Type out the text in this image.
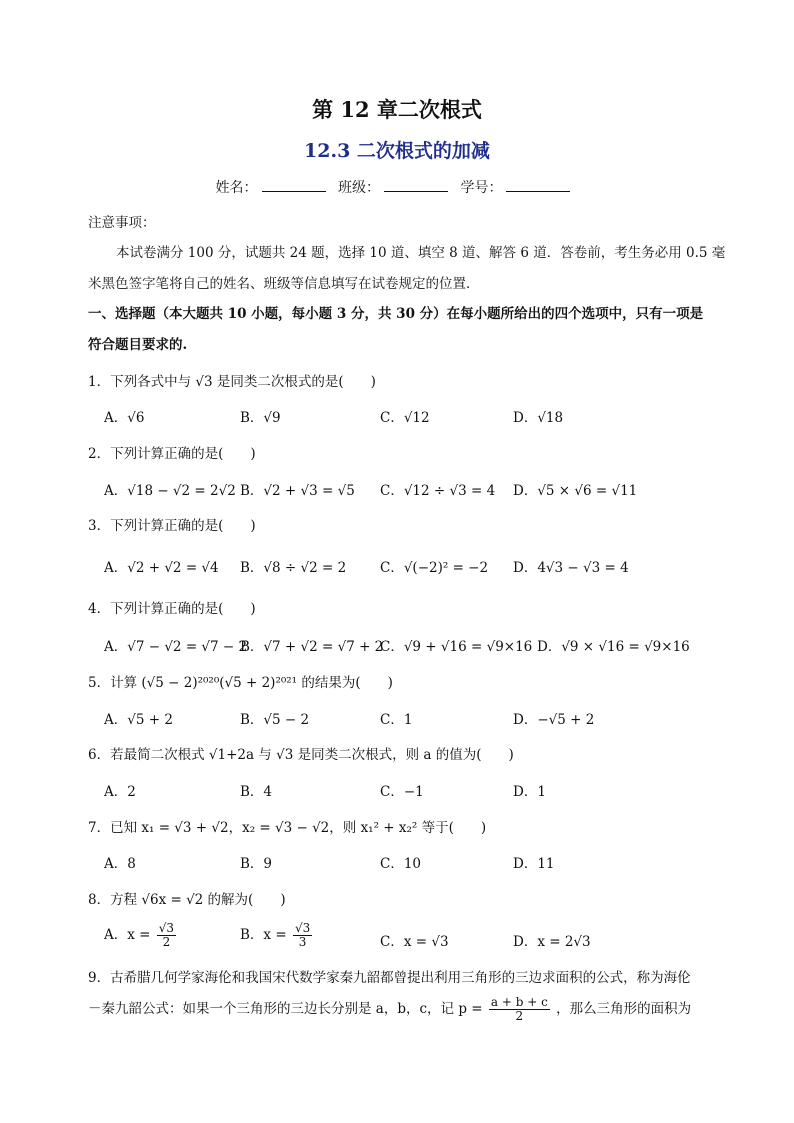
第 12 章二次根式
12.3 二次根式的加减
姓名：	班级：	学号：
注意事项：
本试卷满分 100 分，试题共 24 题，选择 10 道、填空 8 道、解答 6 道．答卷前，考生务必用 0.5 毫
米黑色签字笔将自己的姓名、班级等信息填写在试卷规定的位置．
一、选择题（本大题共 10 小题，每小题 3 分，共 30 分）在每小题所给出的四个选项中，只有一项是
符合题目要求的.
1．下列各式中与 √3 是同类二次根式的是(　　)
A．√6	B．√9	C．√12	D．√18
2．下列计算正确的是(　　)
A．√18 − √2 = 2√2 B．√2 + √3 = √5 C．√12 ÷ √3 = 4 D．√5 × √6 = √11
3．下列计算正确的是(　　)
A．√2 + √2 = √4 B．√8 ÷ √2 = 2	C．√(−2)² = −2 D．4√3 − √3 = 4
4．下列计算正确的是(　　)
A．√7 − √2 = √7 − 2
B．√7 + √2 = √7 + 2
C．√9 + √16 = √9×16 D．√9 × √16 = √9×16
5．计算 (√5 − 2)²⁰²⁰(√5 + 2)²⁰²¹ 的结果为(　　)
A．√5 + 2	B．√5 − 2	C．1	D．−√5 + 2
6．若最简二次根式 √1+2a 与 √3 是同类二次根式，则 a 的值为(　　)
A．2	B．4	C．−1	D．1
7．已知 x₁ = √3 + √2，x₂ = √3 − √2，则 x₁² + x₂² 等于(　　)
A．8	B．9	C．10	D．11
8．方程 √6x = √2 的解为(　　)
A．$x = \frac{√3}{2}$	B．$x = \frac{√3}{3}$	C．x = √3	D．x = 2√3
9．古希腊几何学家海伦和我国宋代数学家秦九韶都曾提出利用三角形的三边求面积的公式，称为海伦
－秦九韶公式：如果一个三角形的三边长分别是 a，b，c，记 $p = \frac{a + b + c}{2}$ ，那么三角形的面积为
